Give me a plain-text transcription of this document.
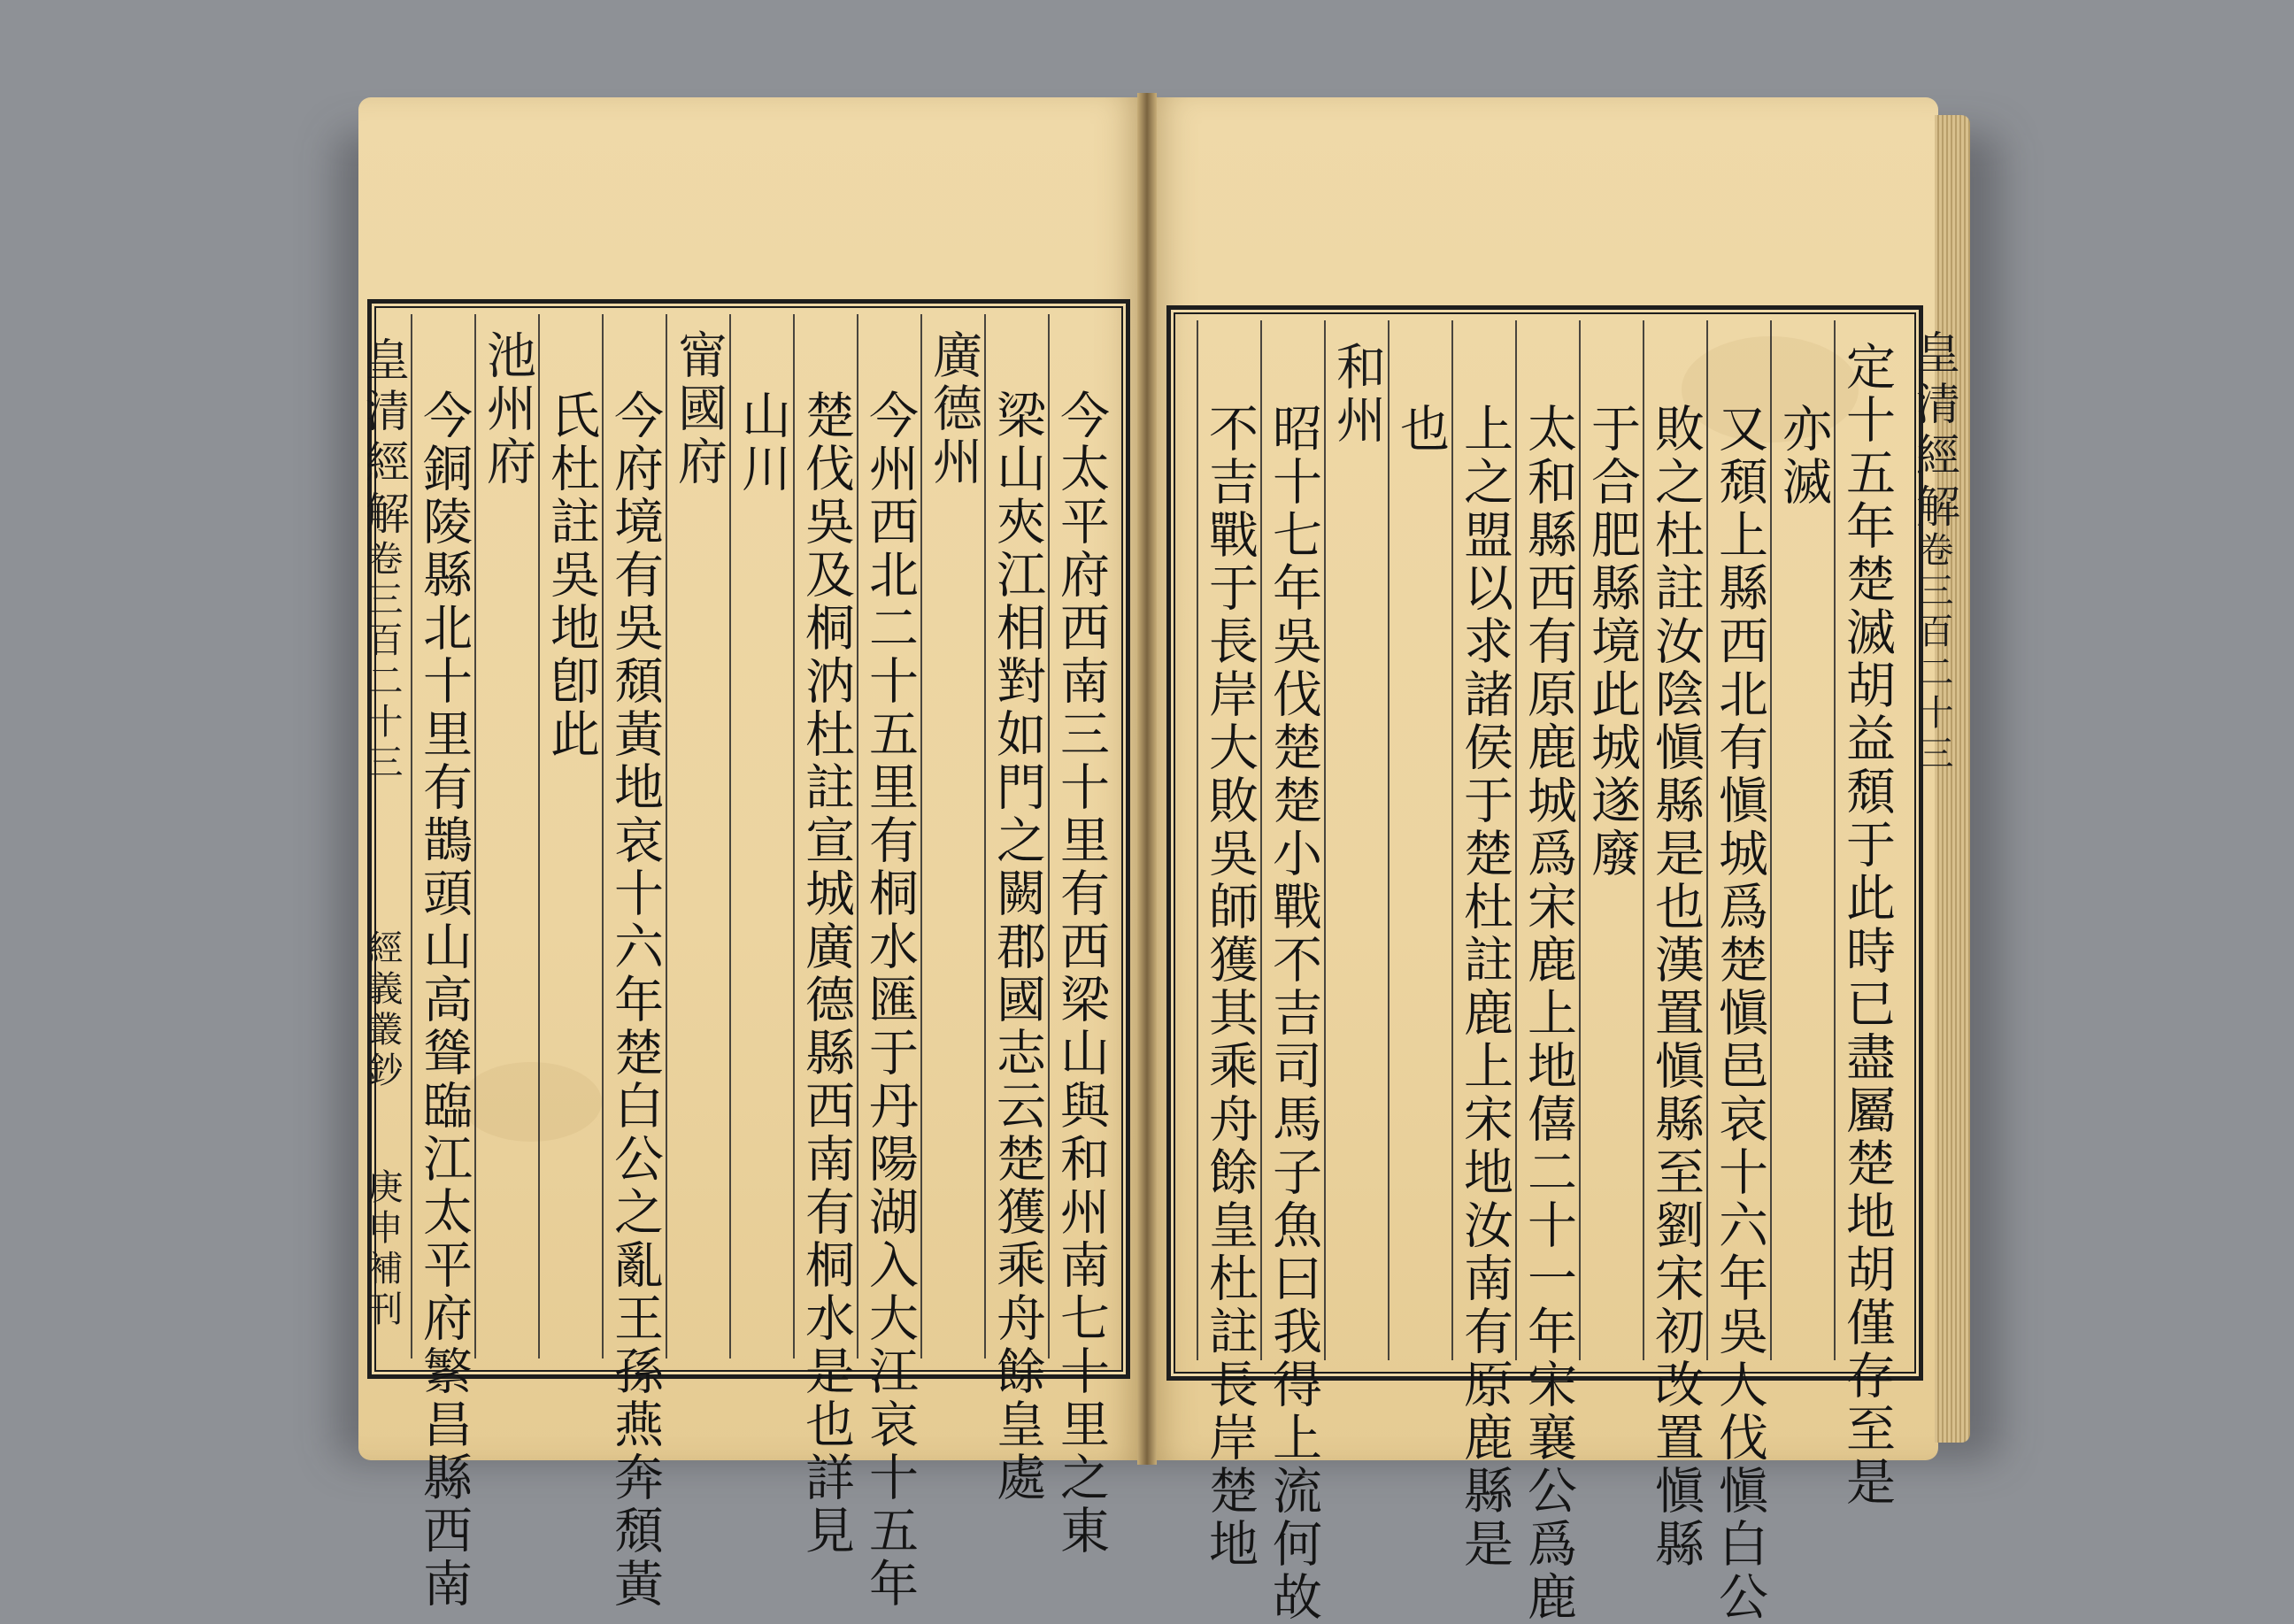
今太平府西南三十里有西梁山與和州南七十里之東
梁山夾江相對如門之闕郡國志云楚獲乘舟餘皇處
廣德州
今州西北二十五里有桐水匯于丹陽湖入大江哀十五年
楚伐吳及桐汭杜註宣城廣德縣西南有桐水是也詳見
山川
甯國府
今府境有吳頹黃地哀十六年楚白公之亂王孫燕奔頹黃
氏杜註吳地卽此
池州府
今銅陵縣北十里有鵲頭山高聳臨江太平府繁昌縣西南
皇清經解
卷三百二十三
經義叢鈔
庚申補刊	定十五年楚滅胡益頹于此時已盡屬楚地胡僅存至是
亦滅
又頹上縣西北有愼城爲楚愼邑哀十六年吳人伐愼白公
敗之杜註汝陰愼縣是也漢置愼縣至劉宋初改置愼縣
于合肥縣境此城遂廢
太和縣西有原鹿城爲宋鹿上地僖二十一年宋襄公爲鹿
上之盟以求諸侯于楚杜註鹿上宋地汝南有原鹿縣是
也
和州
昭十七年吳伐楚楚小戰不吉司馬子魚曰我得上流何故
不吉戰于長岸大敗吳師獲其乘舟餘皇杜註長岸楚地	皇清經解
卷三百二十三
